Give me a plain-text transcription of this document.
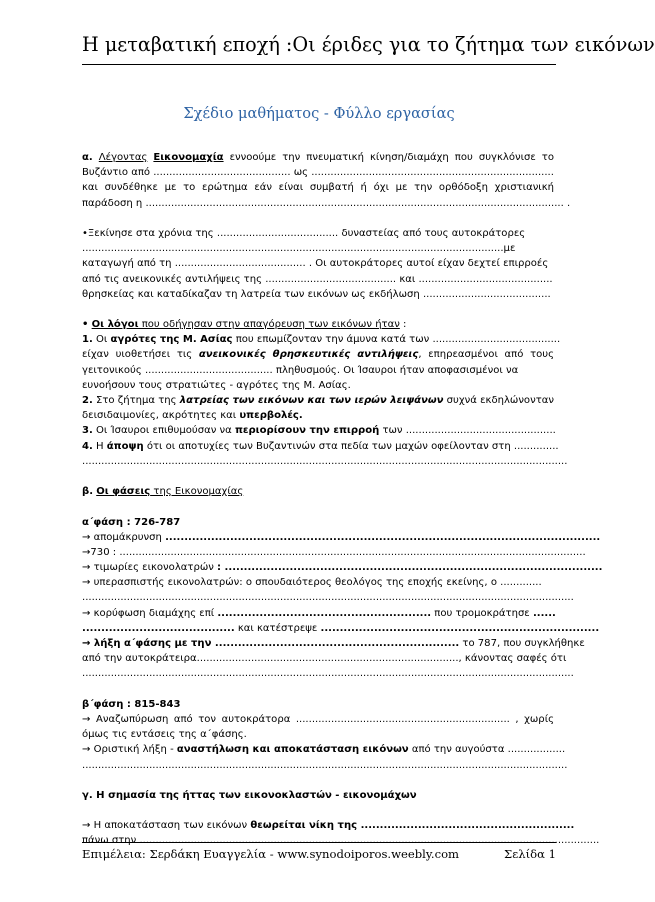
Η μεταβατική εποχή :Οι έριδες για το ζήτημα των εικόνων
Σχέδιο μαθήματος - Φύλλο εργασίας
α. Λέγοντας Εικονομαχία εννοούμε την πνευματική κίνηση/διαμάχη που συγκλόνισε το
Βυζάντιο από ........................................... ως ............................................................................
και συνδέθηκε με το ερώτημα εάν είναι συμβατή ή όχι με την ορθόδοξη χριστιανική
παράδοση η ................................................................................................................................... .
•Ξεκίνησε στα χρόνια της ...................................... δυναστείας από τους αυτοκράτορες
....................................................................................................................................με
καταγωγή από τη ......................................... . Οι αυτοκράτορες αυτοί είχαν δεχτεί επιρροές
από τις ανεικονικές αντιλήψεις της ......................................... και ..........................................
θρησκείας και καταδίκαζαν τη λατρεία των εικόνων ως εκδήλωση ........................................
• Οι λόγοι που οδήγησαν στην απαγόρευση των εικόνων ήταν :
1. Οι αγρότες της Μ. Ασίας που επωμίζονταν την άμυνα κατά των ........................................
είχαν υιοθετήσει τις ανεικονικές θρησκευτικές αντιλήψεις, επηρεασμένοι από τους
γειτονικούς ........................................ πληθυσμούς. Οι Ίσαυροι ήταν αποφασισμένοι να
ευνοήσουν τους στρατιώτες - αγρότες της Μ. Ασίας.
2. Στο ζήτημα της λατρείας των εικόνων και των ιερών λειψάνων συχνά εκδηλώνονταν
δεισιδαιμονίες, ακρότητες και υπερβολές.
3. Οι Ίσαυροι επιθυμούσαν να περιορίσουν την επιρροή των ...............................................
4. Η άποψη ότι οι αποτυχίες των Βυζαντινών στα πεδία των μαχών οφείλονταν στη ..............
........................................................................................................................................................
β. Οι φάσεις της Εικονομαχίας
α΄φάση : 726-787
→ απομάκρυνση ..................................................................................................................
→730 : ..................................................................................................................................................
→ τιμωρίες εικονολατρών : ...................................................................................................
→ υπερασπιστής εικονολατρών: ο σπουδαιότερος θεολόγος της εποχής εκείνης, ο .............
..........................................................................................................................................................
→ κορύφωση διαμάχης επί ........................................................ που τρομοκράτησε ......
........................................ και κατέστρεψε .........................................................................
→ λήξη α΄φάσης με την ................................................................ το 787, που συγκλήθηκε
από την αυτοκράτειρα.................................................................................., κάνοντας σαφές ότι
..........................................................................................................................................................
β΄φάση : 815-843
→ Αναζωπύρωση από τον αυτοκράτορα ................................................................... , χωρίς
όμως τις εντάσεις της α΄φάσης.
→ Οριστική λήξη - αναστήλωση και αποκατάσταση εικόνων από την αυγούστα ..................
........................................................................................................................................................
γ. Η σημασία της ήττας των εικονοκλαστών - εικονομάχων
→ Η αποκατάσταση των εικόνων θεωρείται νίκη της ........................................................
πάνω στην ................................................................................................................................................
Επιμέλεια: Σερδάκη Ευαγγελία - www.synodoiporos.weebly.com	Σελίδα 1
